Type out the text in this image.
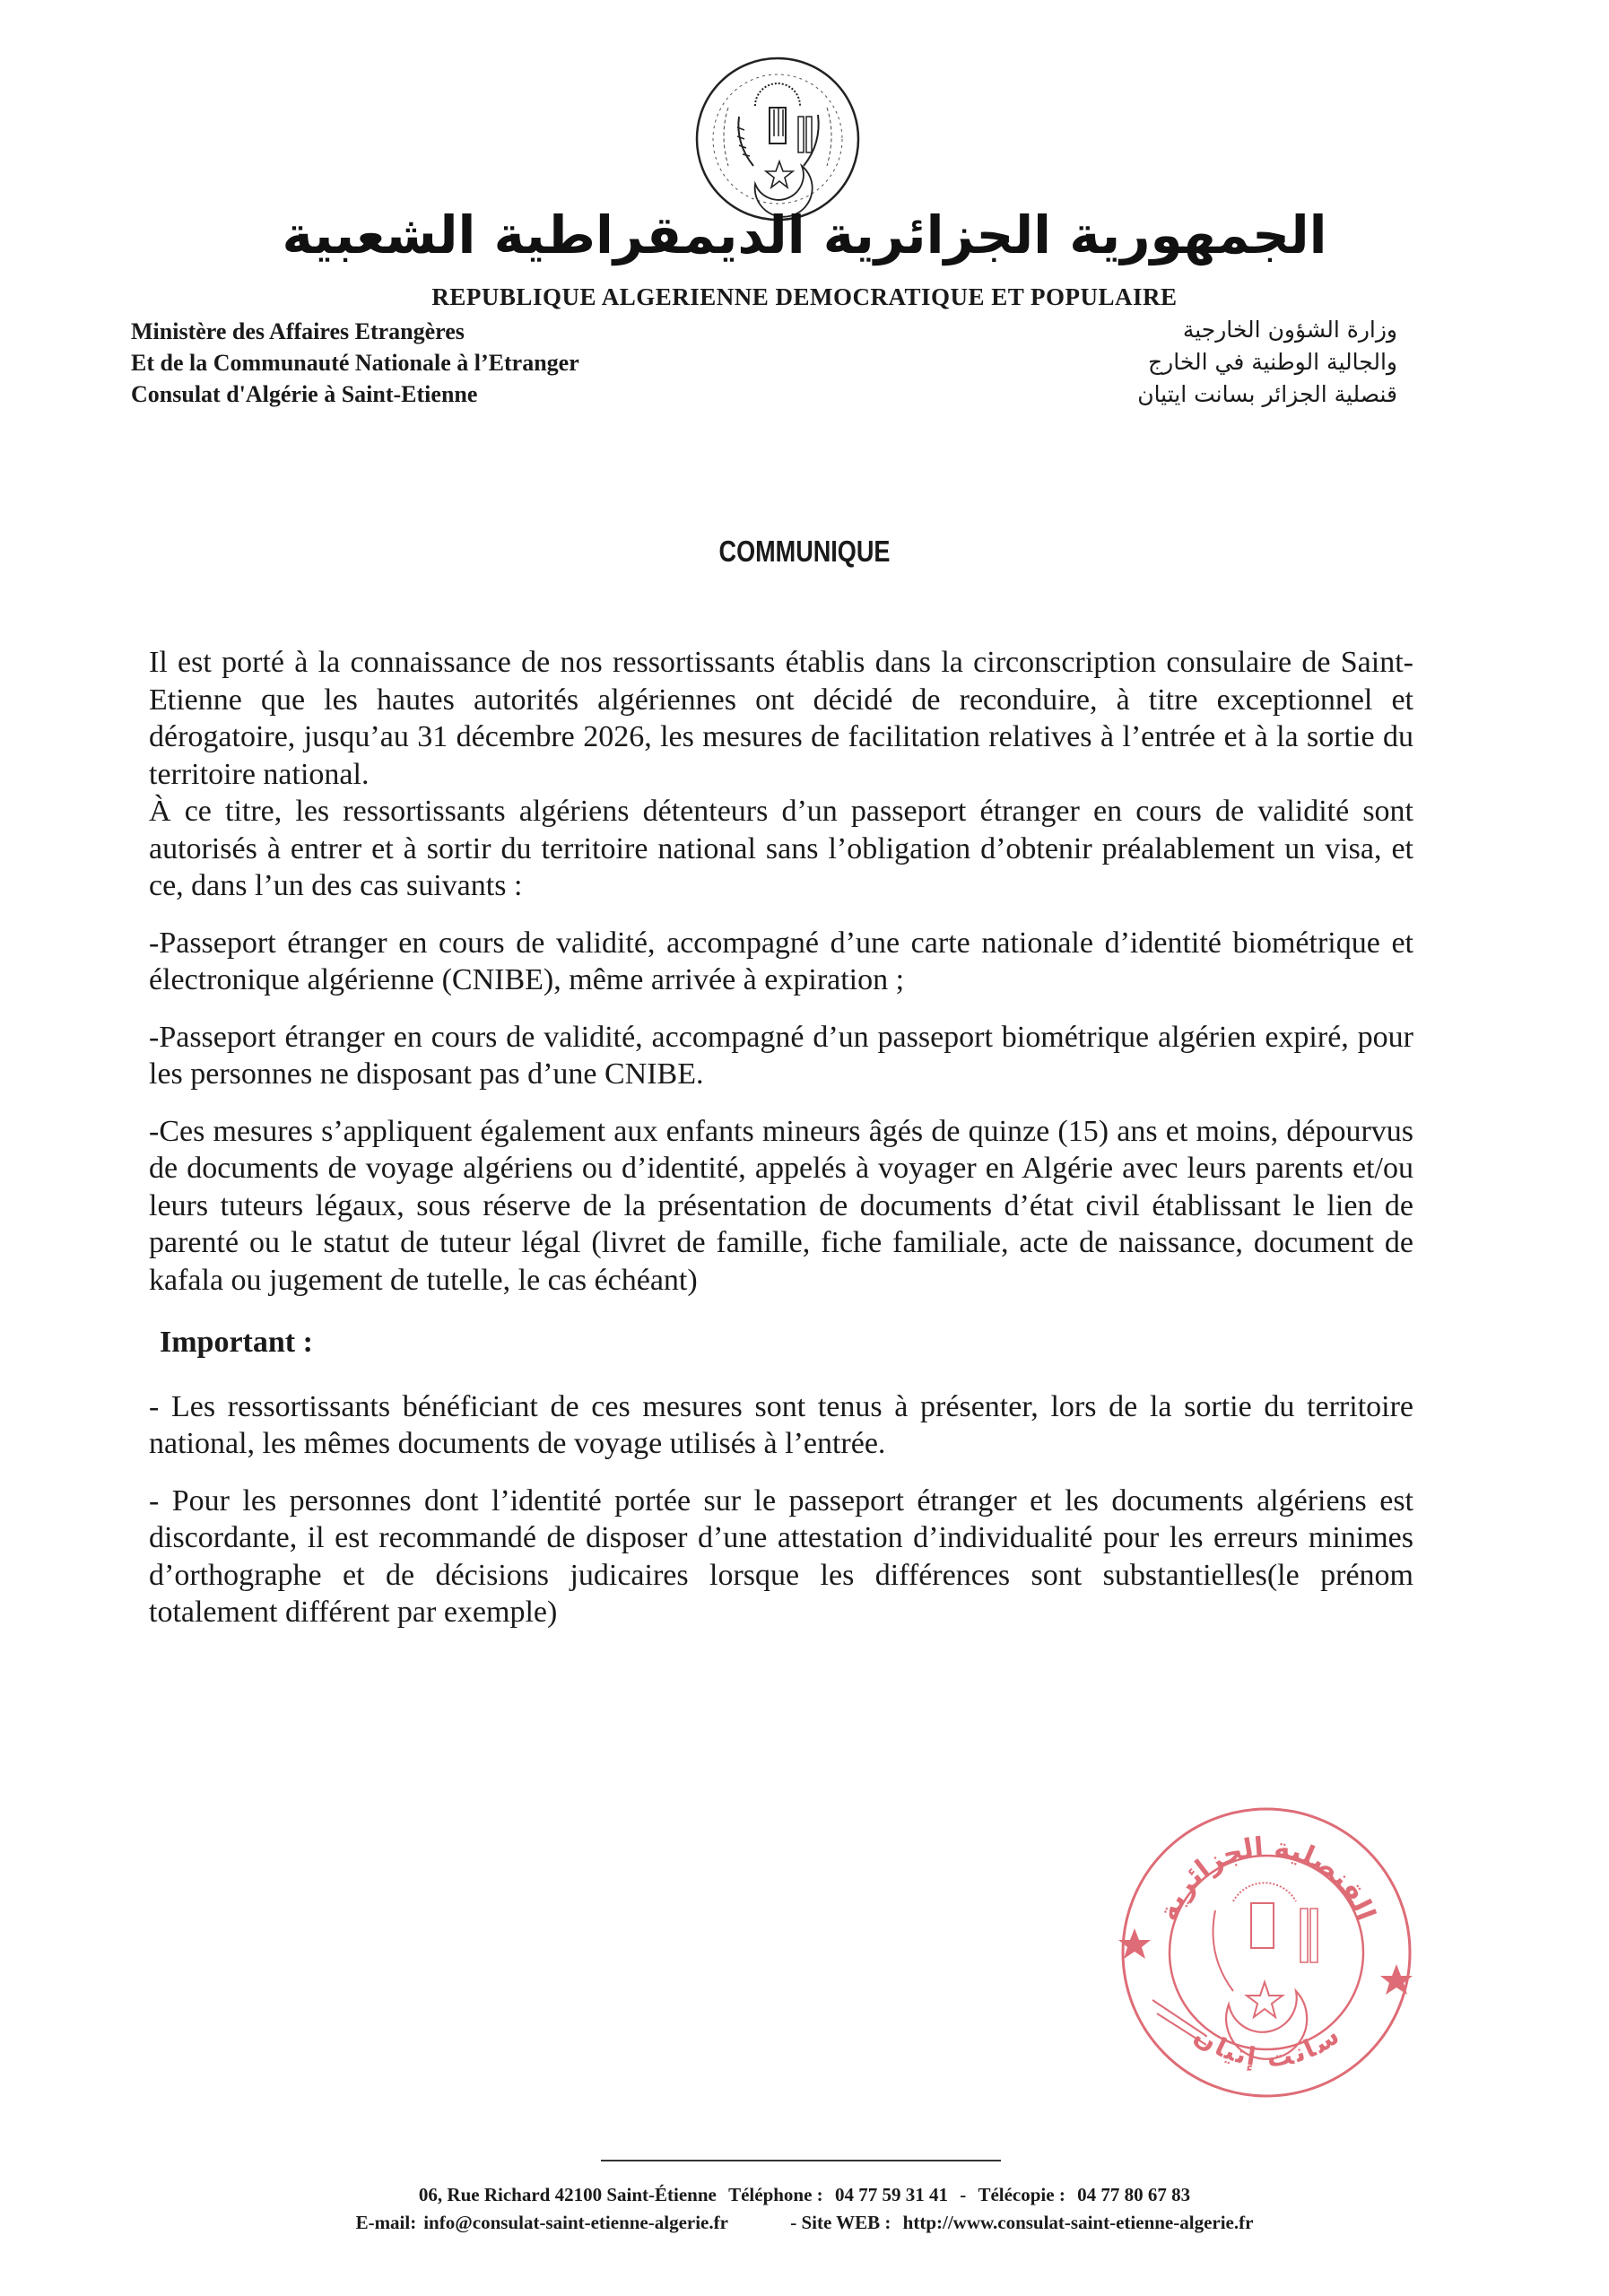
الجمهورية الجزائرية الديمقراطية الشعبية
REPUBLIQUE ALGERIENNE DEMOCRATIQUE ET POPULAIRE
Ministère des Affaires Etrangères
Et de la Communauté Nationale à l’Etranger
Consulat d'Algérie à Saint-Etienne
وزارة الشؤون الخارجية
والجالية الوطنية في الخارج
قنصلية الجزائر بسانت ايتيان
COMMUNIQUE

Il est porté à la connaissance de nos ressortissants établis dans la circonscription consulaire de Saint-Etienne que les hautes autorités algériennes ont décidé de reconduire, à titre exceptionnel et dérogatoire, jusqu’au 31 décembre 2026, les mesures de facilitation relatives à l’entrée et à la sortie du territoire national.

À ce titre, les ressortissants algériens détenteurs d’un passeport étranger en cours de validité sont autorisés à entrer et à sortir du territoire national sans l’obligation d’obtenir préalablement un visa, et ce, dans l’un des cas suivants :

-Passeport étranger en cours de validité, accompagné d’une carte nationale d’identité biométrique et électronique algérienne (CNIBE), même arrivée à expiration ;

-Passeport étranger en cours de validité, accompagné d’un passeport biométrique algérien expiré, pour les personnes ne disposant pas d’une CNIBE.

-Ces mesures s’appliquent également aux enfants mineurs âgés de quinze (15) ans et moins, dépourvus de documents de voyage algériens ou d’identité, appelés à voyager en Algérie avec leurs parents et/ou leurs tuteurs légaux, sous réserve de la présentation de documents d’état civil établissant le lien de parenté ou le statut de tuteur légal (livret de famille, fiche familiale, acte de naissance, document de kafala ou jugement de tutelle, le cas échéant)

Important :

- Les ressortissants bénéficiant de ces mesures sont tenus à présenter, lors de la sortie du territoire national, les mêmes documents de voyage utilisés à l’entrée.

- Pour les personnes dont l’identité portée sur le passeport étranger et les documents algériens est discordante, il est recommandé de disposer d’une attestation d’individualité pour les erreurs minimes d’orthographe et de décisions judicaires lorsque les différences sont substantielles(le prénom totalement différent par exemple)

القنصلية الجزائرية
سانت إتيان
06, Rue Richard 42100 Saint-Étienne Téléphone : 04 77 59 31 41 - Télécopie : 04 77 80 67 83
E-mail: info@consulat-saint-etienne-algerie.fr	- Site WEB : http://www.consulat-saint-etienne-algerie.fr
